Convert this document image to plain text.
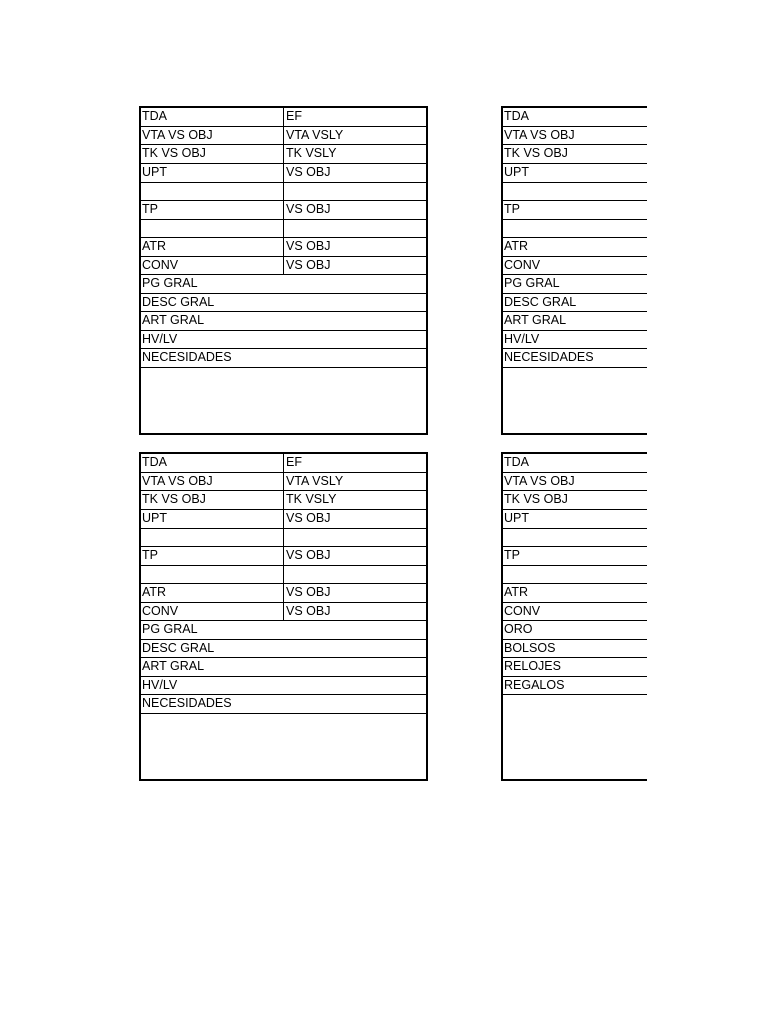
TDA	EF
VTA VS OBJ	VTA VSLY
TK VS OBJ	TK VSLY
UPT	VS OBJ
TP	VS OBJ
ATR	VS OBJ
CONV	VS OBJ
PG GRAL
DESC GRAL
ART GRAL
HV/LV
NECESIDADES
TDA
VTA VS OBJ
TK VS OBJ
UPT
TP
ATR
CONV
PG GRAL
DESC GRAL
ART GRAL
HV/LV
NECESIDADES
TDA	EF
VTA VS OBJ	VTA VSLY
TK VS OBJ	TK VSLY
UPT	VS OBJ
TP	VS OBJ
ATR	VS OBJ
CONV	VS OBJ
PG GRAL
DESC GRAL
ART GRAL
HV/LV
NECESIDADES
TDA
VTA VS OBJ
TK VS OBJ
UPT
TP
ATR
CONV
ORO
BOLSOS
RELOJES
REGALOS
